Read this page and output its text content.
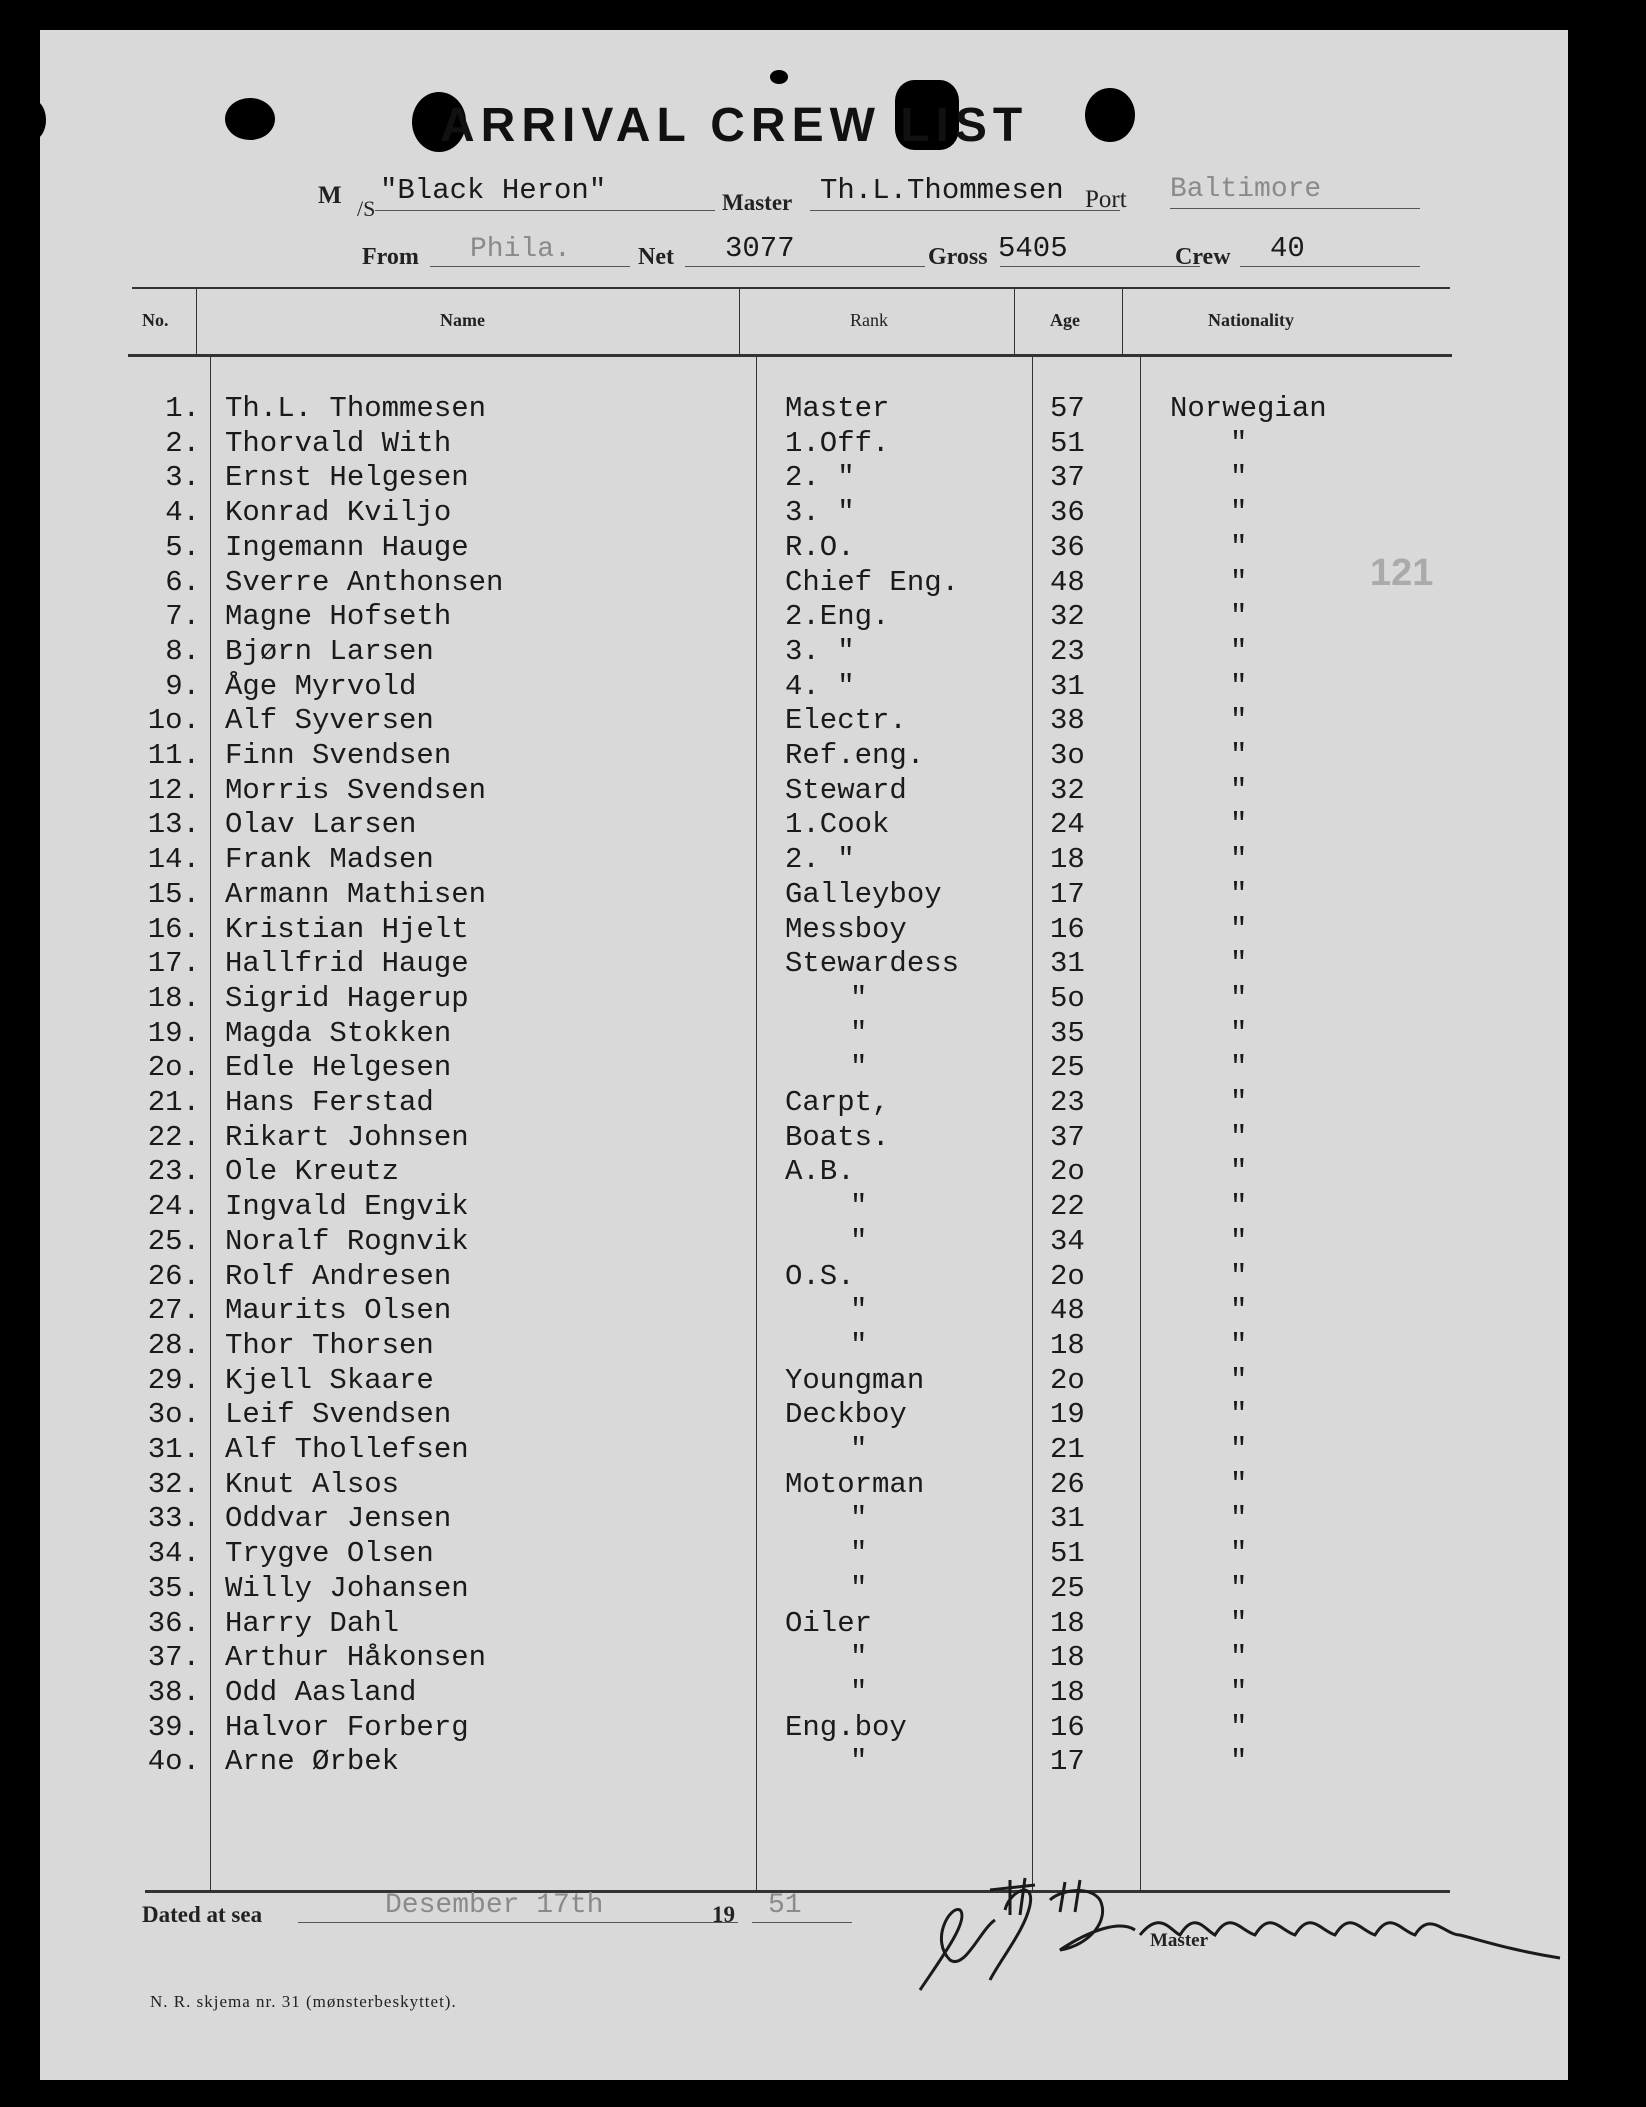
ARRIVAL CREW LIST
M /S
"Black Heron"	Master Th.L.Thommesen Port Baltimore
From Phila.	Net 3077	Gross 5405	Crew 40
No.	Name	Rank	Age	Nationality
121
1. Th.L. Thommesen	Master	57	Norwegian
2. Thorvald With	1.Off.	51	"
3. Ernst Helgesen	2. "	37	"
4. Konrad Kviljo	3. "	36	"
5. Ingemann Hauge	R.O.	36	"
6. Sverre Anthonsen	Chief Eng.	48	"
7. Magne Hofseth	2.Eng.	32	"
8. Bjørn Larsen	3. "	23	"
9. Åge Myrvold	4. "	31	"
1o. Alf Syversen	Electr.	38	"
11. Finn Svendsen	Ref.eng.	3o	"
12. Morris Svendsen	Steward	32	"
13. Olav Larsen	1.Cook	24	"
14. Frank Madsen	2. "	18	"
15. Armann Mathisen	Galleyboy	17	"
16. Kristian Hjelt	Messboy	16	"
17. Hallfrid Hauge	Stewardess	31	"
18. Sigrid Hagerup	"	5o	"
19. Magda Stokken	"	35	"
2o. Edle Helgesen	"	25	"
21. Hans Ferstad	Carpt,	23	"
22. Rikart Johnsen	Boats.	37	"
23. Ole Kreutz	A.B.	2o	"
24. Ingvald Engvik	"	22	"
25. Noralf Rognvik	"	34	"
26. Rolf Andresen	O.S.	2o	"
27. Maurits Olsen	"	48	"
28. Thor Thorsen	"	18	"
29. Kjell Skaare	Youngman	2o	"
3o. Leif Svendsen	Deckboy	19	"
31. Alf Thollefsen	"	21	"
32. Knut Alsos	Motorman	26	"
33. Oddvar Jensen	"	31	"
34. Trygve Olsen	"	51	"
35. Willy Johansen	"	25	"
36. Harry Dahl	Oiler	18	"
37. Arthur Håkonsen	"	18	"
38. Odd Aasland	"	18	"
39. Halvor Forberg	Eng.boy	16	"
4o. Arne Ørbek	"	17	"
Dated at sea	Desember 17th	19 51
Master
N. R. skjema nr. 31 (mønsterbeskyttet).
